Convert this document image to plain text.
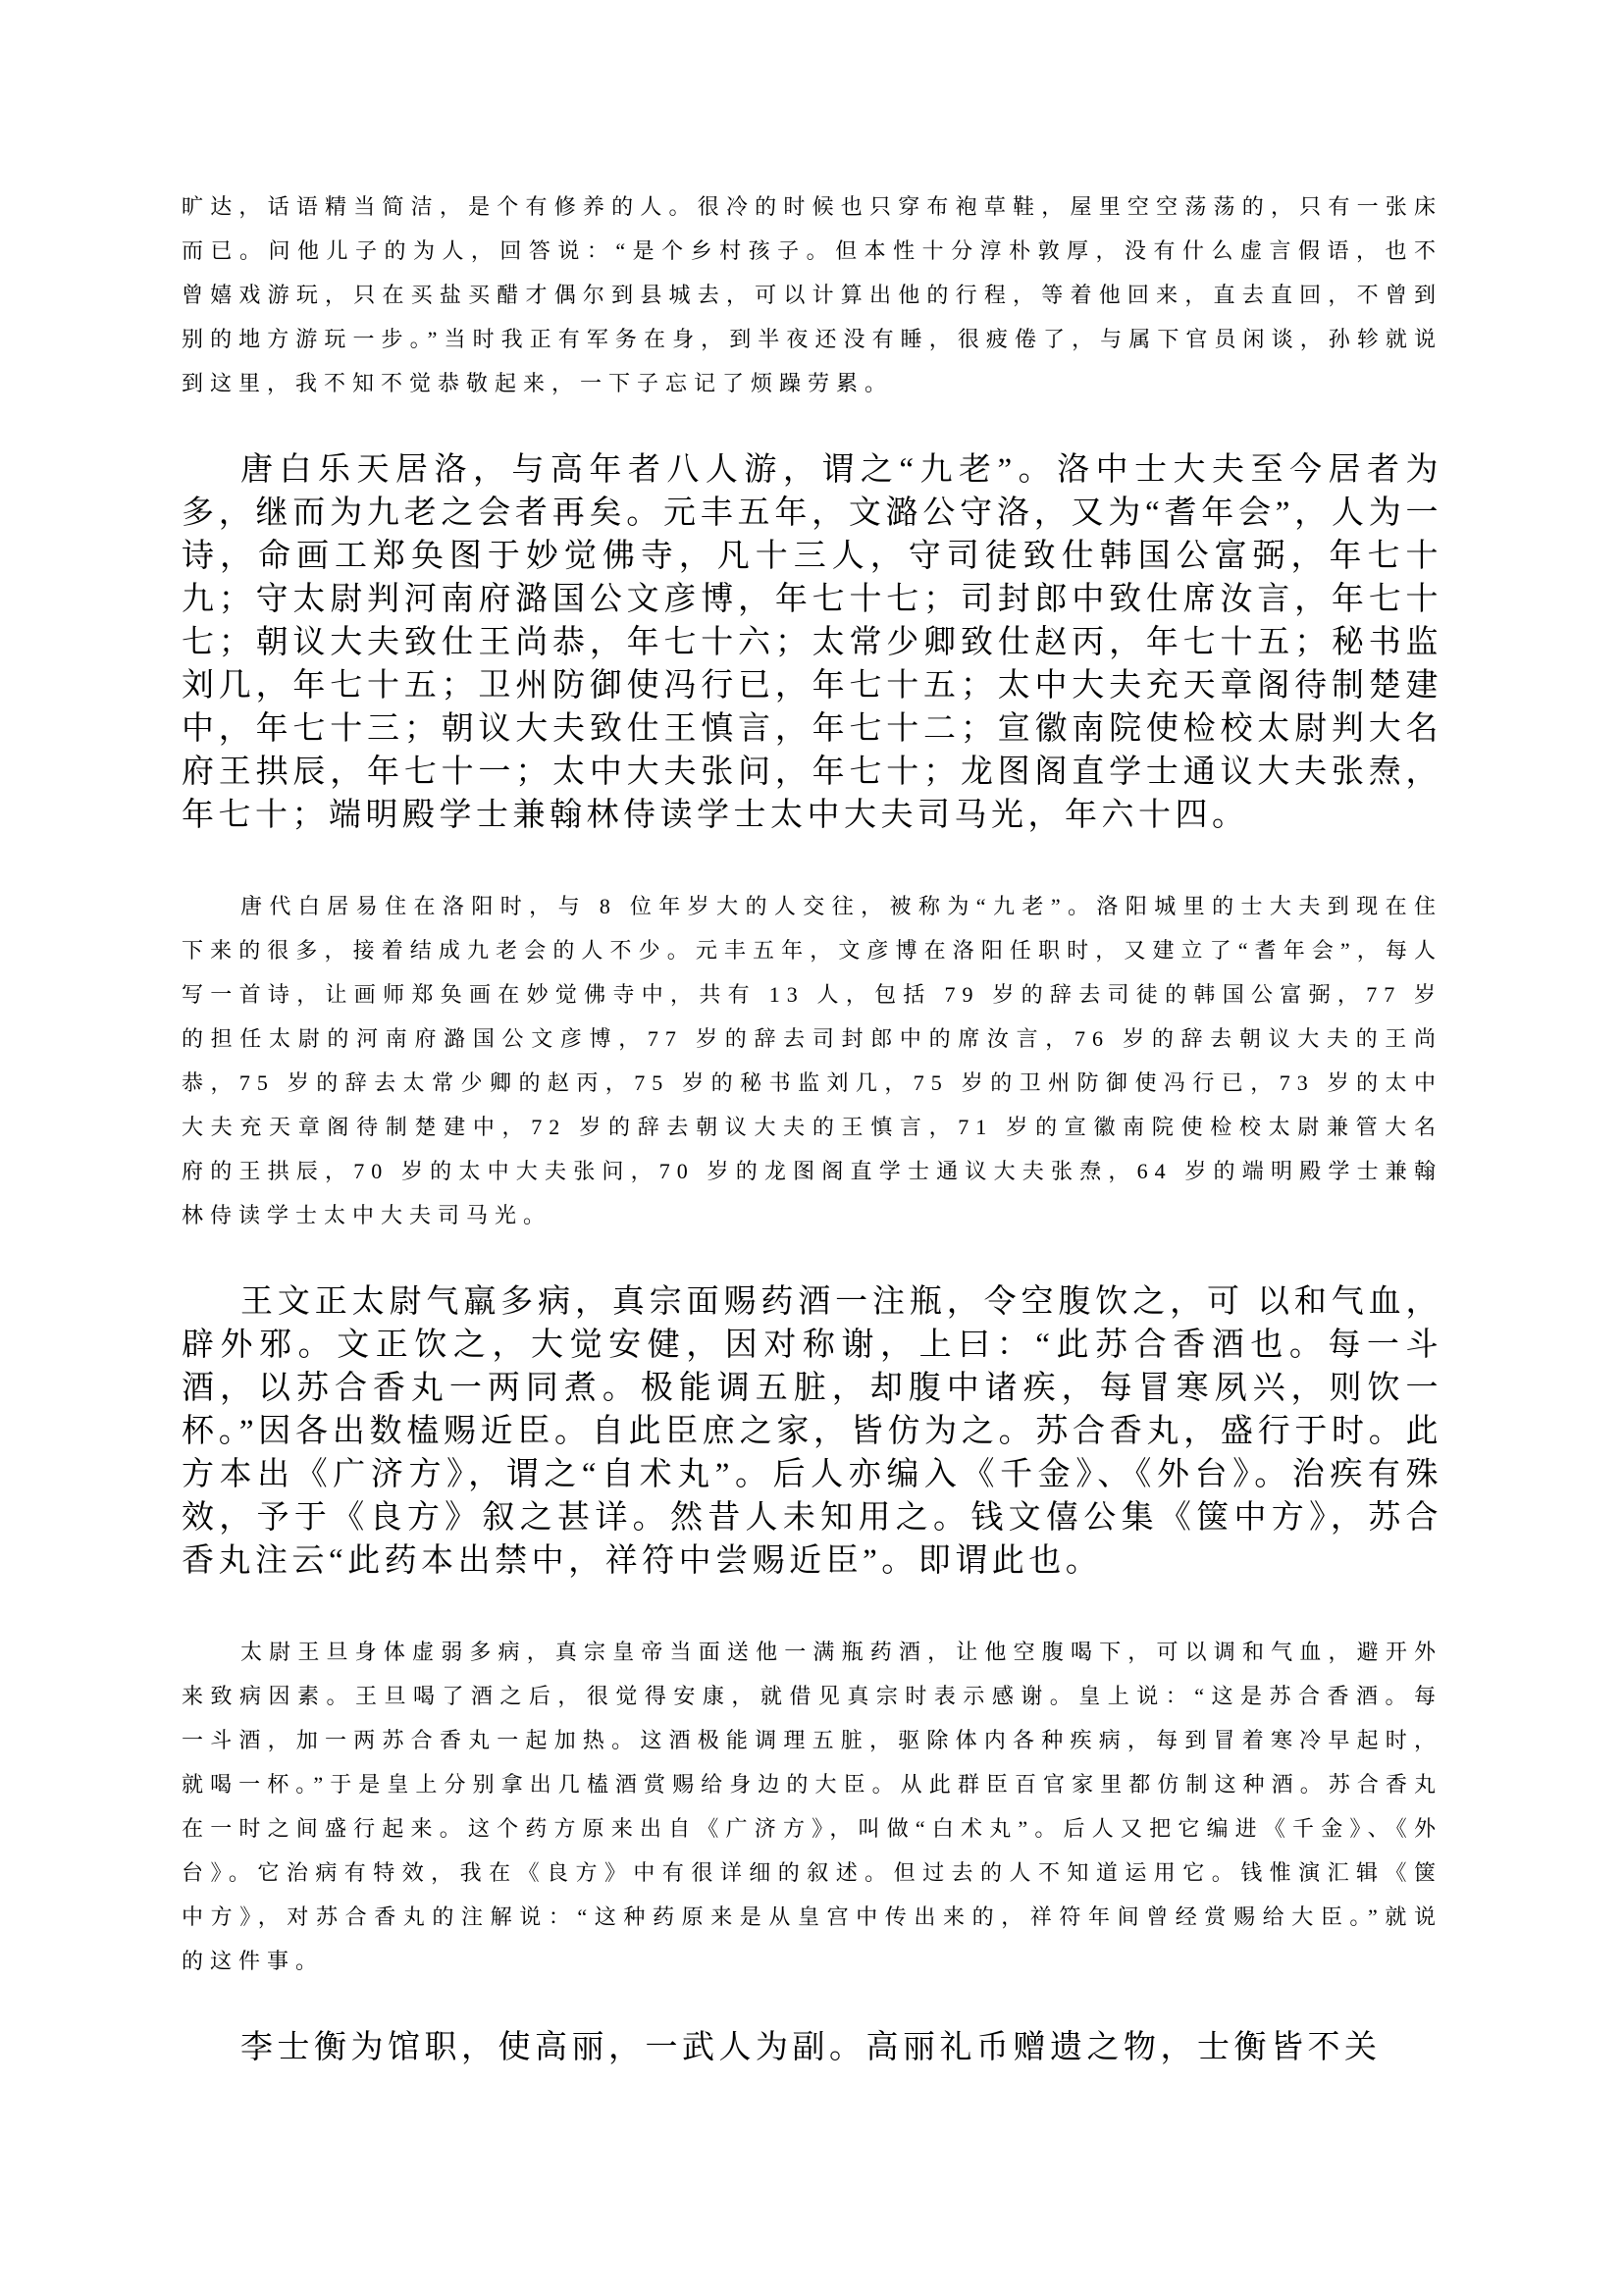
旷达，话语精当简洁，是个有修养的人。很冷的时候也只穿布袍草鞋，屋里空空荡荡的，只有一张床而已。问他儿子的为人，回答说：“是个乡村孩子。但本性十分淳朴敦厚，没有什么虚言假语，也不曾嬉戏游玩，只在买盐买醋才偶尔到县城去，可以计算出他的行程，等着他回来，直去直回，不曾到别的地方游玩一步。”当时我正有军务在身，到半夜还没有睡，很疲倦了，与属下官员闲谈，孙轸就说到这里，我不知不觉恭敬起来，一下子忘记了烦躁劳累。

唐白乐天居洛，与高年者八人游，谓之“九老”。洛中士大夫至今居者为多，继而为九老之会者再矣。元丰五年，文潞公守洛，又为“耆年会”，人为一诗，命画工郑奂图于妙觉佛寺，凡十三人，守司徒致仕韩国公富弼，年七十九；守太尉判河南府潞国公文彦博，年七十七；司封郎中致仕席汝言，年七十七；朝议大夫致仕王尚恭，年七十六；太常少卿致仕赵丙，年七十五；秘书监刘几，年七十五；卫州防御使冯行已，年七十五；太中大夫充天章阁待制楚建中，年七十三；朝议大夫致仕王慎言，年七十二；宣徽南院使检校太尉判大名府王拱辰，年七十一；太中大夫张问，年七十；龙图阁直学士通议大夫张焘，年七十；端明殿学士兼翰林侍读学士太中大夫司马光，年六十四。

唐代白居易住在洛阳时，与 8 位年岁大的人交往，被称为“九老”。洛阳城里的士大夫到现在住下来的很多，接着结成九老会的人不少。元丰五年，文彦博在洛阳任职时，又建立了“耆年会”，每人写一首诗，让画师郑奂画在妙觉佛寺中，共有 13 人，包括 79 岁的辞去司徒的韩国公富弼，77 岁的担任太尉的河南府潞国公文彦博，77 岁的辞去司封郎中的席汝言，76 岁的辞去朝议大夫的王尚恭，75 岁的辞去太常少卿的赵丙，75 岁的秘书监刘几，75 岁的卫州防御使冯行已，73 岁的太中大夫充天章阁待制楚建中，72 岁的辞去朝议大夫的王慎言，71 岁的宣徽南院使检校太尉兼管大名府的王拱辰，70 岁的太中大夫张问，70 岁的龙图阁直学士通议大夫张焘，64 岁的端明殿学士兼翰林侍读学士太中大夫司马光。

王文正太尉气羸多病，真宗面赐药酒一注瓶，令空腹饮之，可 以和气血，辟外邪。文正饮之，大觉安健，因对称谢，上曰：“此苏合香酒也。每一斗酒，以苏合香丸一两同煮。极能调五脏，却腹中诸疾，每冒寒夙兴，则饮一杯。”因各出数榼赐近臣。自此臣庶之家，皆仿为之。苏合香丸，盛行于时。此方本出《广济方》，谓之“自术丸”。后人亦编入《千金》、《外台》。治疾有殊效，予于《良方》叙之甚详。然昔人未知用之。钱文僖公集《箧中方》，苏合香丸注云“此药本出禁中，祥符中尝赐近臣”。即谓此也。

太尉王旦身体虚弱多病，真宗皇帝当面送他一满瓶药酒，让他空腹喝下，可以调和气血，避开外来致病因素。王旦喝了酒之后，很觉得安康，就借见真宗时表示感谢。皇上说：“这是苏合香酒。每一斗酒，加一两苏合香丸一起加热。这酒极能调理五脏，驱除体内各种疾病，每到冒着寒冷早起时，就喝一杯。”于是皇上分别拿出几榼酒赏赐给身边的大臣。从此群臣百官家里都仿制这种酒。苏合香丸在一时之间盛行起来。这个药方原来出自《广济方》，叫做“白术丸”。后人又把它编进《千金》、《外台》。它治病有特效，我在《良方》中有很详细的叙述。但过去的人不知道运用它。钱惟演汇辑《箧中方》，对苏合香丸的注解说：“这种药原来是从皇宫中传出来的，祥符年间曾经赏赐给大臣。”就说的这件事。

李士衡为馆职，使高丽，一武人为副。高丽礼币赠遗之物，士衡皆不关
